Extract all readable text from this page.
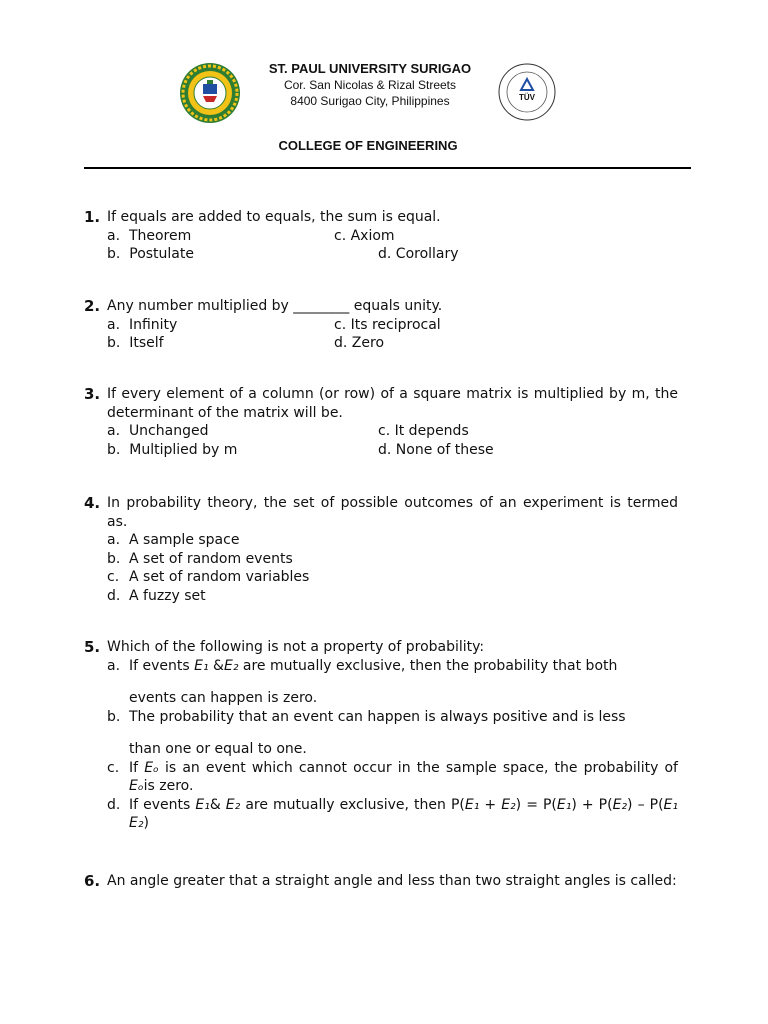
ST. PAUL UNIVERSITY SURIGAO
Cor. San Nicolas & Rizal Streets
8400 Surigao City, Philippines	TÜV
COLLEGE OF ENGINEERING
1. If equals are added to equals, the sum is equal.
a. Theorem	c. Axiom
b. Postulate	d. Corollary
2. Any number multiplied by ________ equals unity.
a. Infinity	c. Its reciprocal
b. Itself	d. Zero
3. If every element of a column (or row) of a square matrix is multiplied by m, the determinant of the matrix will be.
a. Unchanged	c. It depends
b. Multiplied by m	d. None of these
4. In probability theory, the set of possible outcomes of an experiment is termed as.
a. A sample space
b. A set of random events
c. A set of random variables
d. A fuzzy set
5. Which of the following is not a property of probability:
a. If events E₁ &E₂ are mutually exclusive, then the probability that both
events can happen is zero.
b. The probability that an event can happen is always positive and is less
than one or equal to one.
c. If Eₒ is an event which cannot occur in the sample space, the probability of Eₒis zero.
d. If events E₁& E₂ are mutually exclusive, then P(E₁ + E₂) = P(E₁) + P(E₂) – P(E₁ E₂)
6. An angle greater that a straight angle and less than two straight angles is called:
